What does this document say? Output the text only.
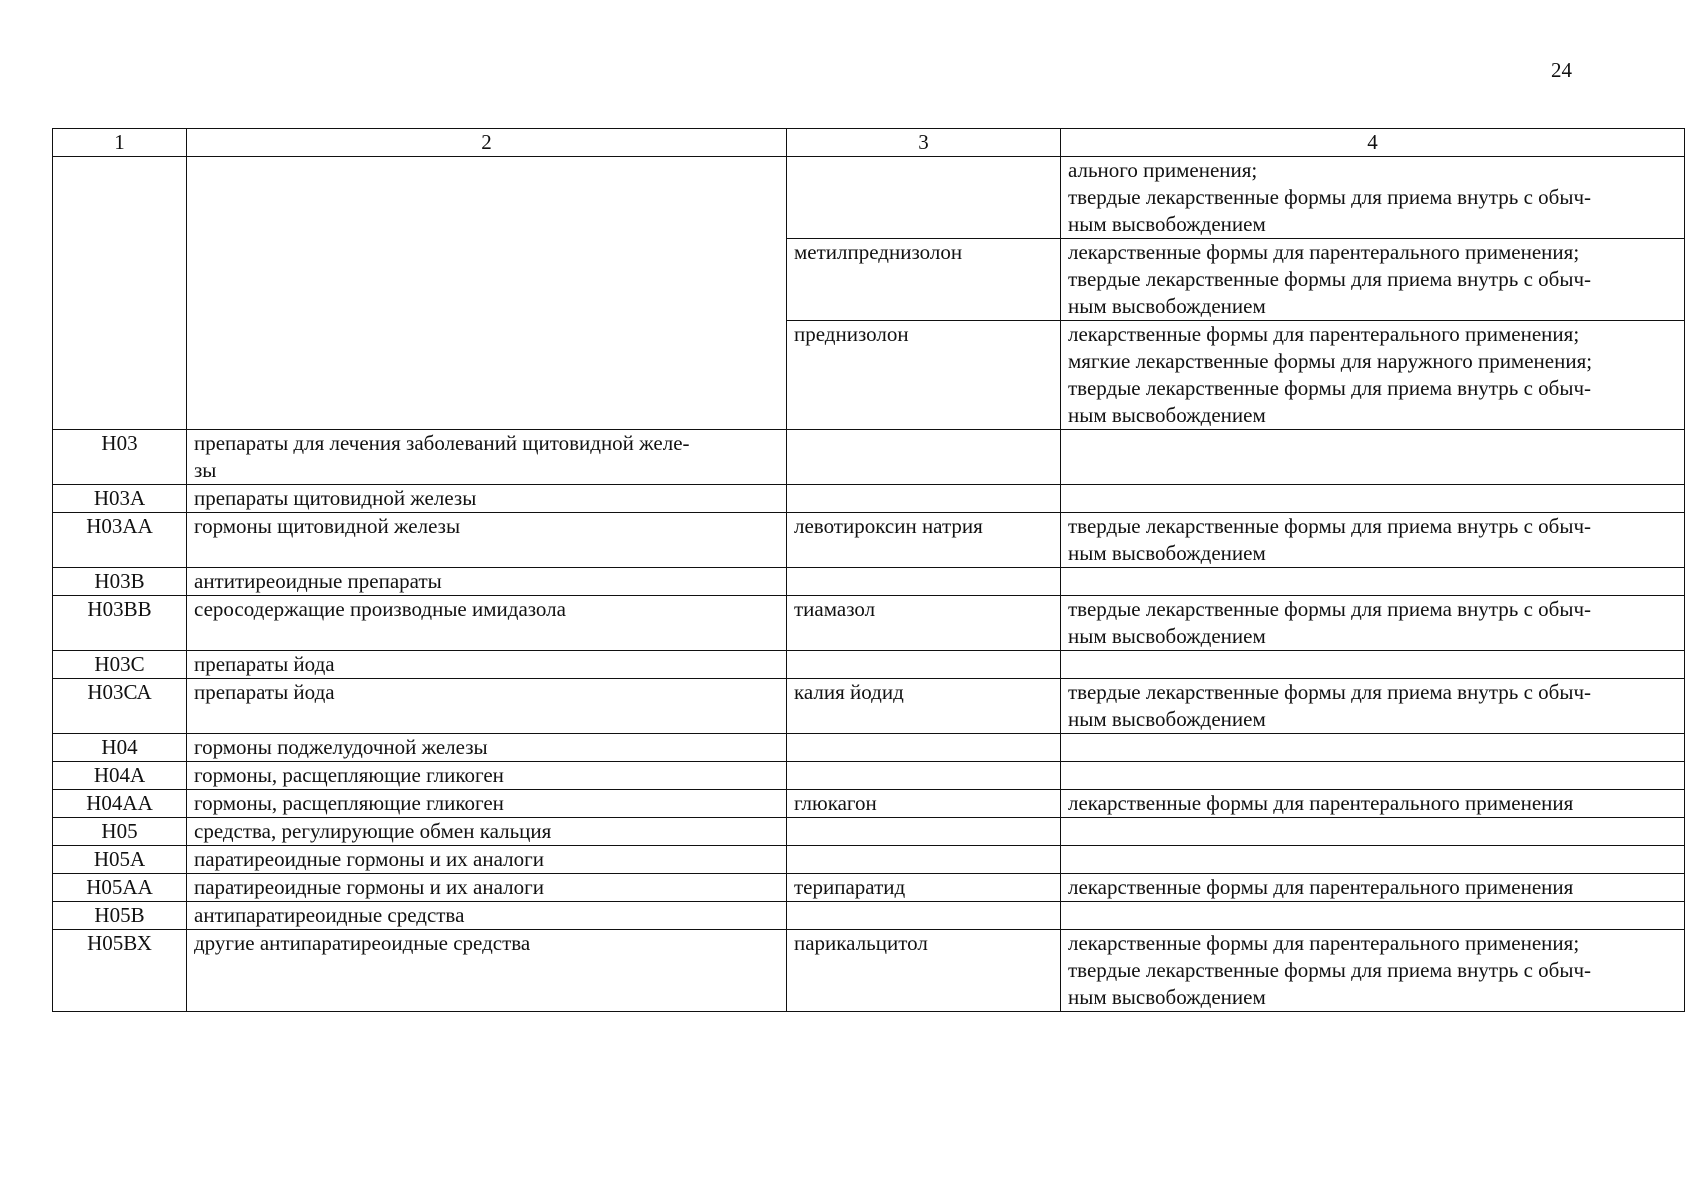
24
1	2	3	4

			ального применения;
твердые лекарственные формы для приема внутрь с обыч-
ным высвобождением

		метилпреднизолон	лекарственные формы для парентерального применения;
твердые лекарственные формы для приема внутрь с обыч-
ным высвобождением

		преднизолон	лекарственные формы для парентерального применения;
мягкие лекарственные формы для наружного применения;
твердые лекарственные формы для приема внутрь с обыч-
ным высвобождением

Н03	препараты для лечения заболеваний щитовидной желе-
зы		

Н03А	препараты щитовидной железы		

Н03АА	гормоны щитовидной железы	левотироксин натрия	твердые лекарственные формы для приема внутрь с обыч-
ным высвобождением

Н03В	антитиреоидные препараты		

Н03ВВ	серосодержащие производные имидазола	тиамазол	твердые лекарственные формы для приема внутрь с обыч-
ным высвобождением

Н03С	препараты йода		

Н03СА	препараты йода	калия йодид	твердые лекарственные формы для приема внутрь с обыч-
ным высвобождением

Н04	гормоны поджелудочной железы		

Н04А	гормоны, расщепляющие гликоген		

Н04АА	гормоны, расщепляющие гликоген	глюкагон	лекарственные формы для парентерального применения

Н05	средства, регулирующие обмен кальция		

Н05А	паратиреоидные гормоны и их аналоги		

Н05АА	паратиреоидные гормоны и их аналоги	терипаратид	лекарственные формы для парентерального применения

Н05В	антипаратиреоидные средства		

Н05ВХ	другие антипаратиреоидные средства	парикальцитол	лекарственные формы для парентерального применения;
твердые лекарственные формы для приема внутрь с обыч-
ным высвобождением
